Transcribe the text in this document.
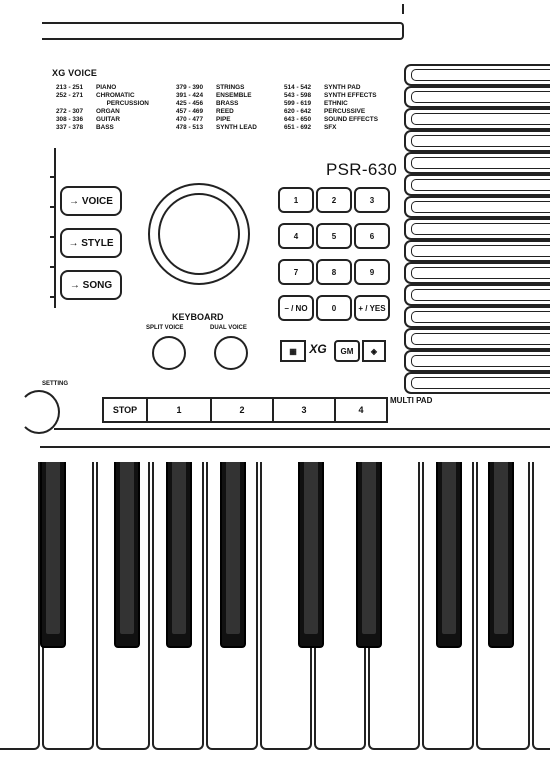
XG VOICE
213 - 251	PIANO
252 - 271	CHROMATIC
PERCUSSION
272 - 307	ORGAN
308 - 336	GUITAR
337 - 378	BASS
379 - 390	STRINGS
391 - 424	ENSEMBLE
425 - 456	BRASS
457 - 469	REED
470 - 477	PIPE
478 - 513	SYNTH LEAD
514 - 542	SYNTH PAD
543 - 598	SYNTH EFFECTS
599 - 619	ETHNIC
620 - 642	PERCUSSIVE
643 - 650	SOUND EFFECTS
651 - 692	SFX
PSR-630
→ VOICE
→ STYLE
→ SONG
KEYBOARD
SPLIT VOICE	DUAL VOICE
1	2	3
4	5	6
7	8	9
– / NO	0	+ / YES
▦	XG	GM	◈
SETTING
STOP	1	2	3	4
MULTI PAD
